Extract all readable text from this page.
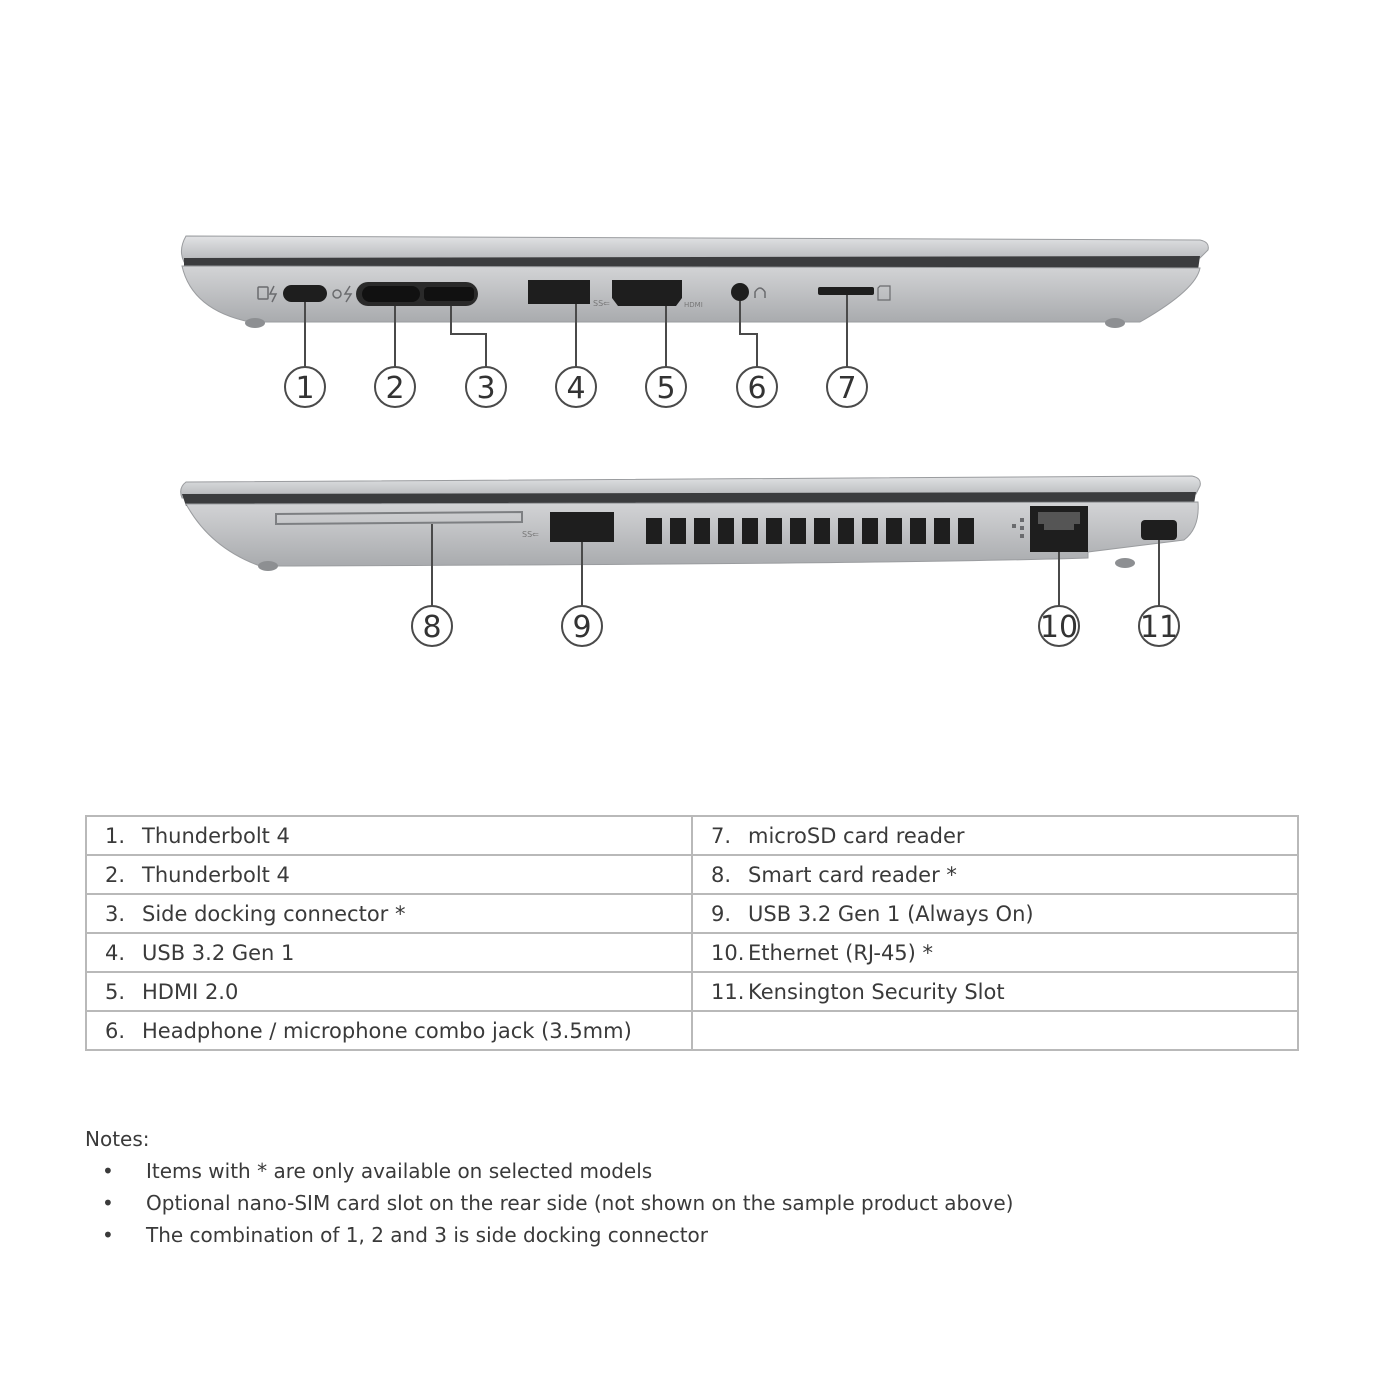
SS⇐	HDMI
1 2 3 4 5 6 7
SS⇐
8	9	10 11
1. Thunderbolt 4	7. microSD card reader
2. Thunderbolt 4	8. Smart card reader *
3. Side docking connector *	9. USB 3.2 Gen 1 (Always On)
4. USB 3.2 Gen 1	10. Ethernet (RJ-45) *
5. HDMI 2.0	11. Kensington Security Slot
6. Headphone / microphone combo jack (3.5mm)	
Notes:
• Items with * are only available on selected models
• Optional nano-SIM card slot on the rear side (not shown on the sample product above)
• The combination of 1, 2 and 3 is side docking connector
